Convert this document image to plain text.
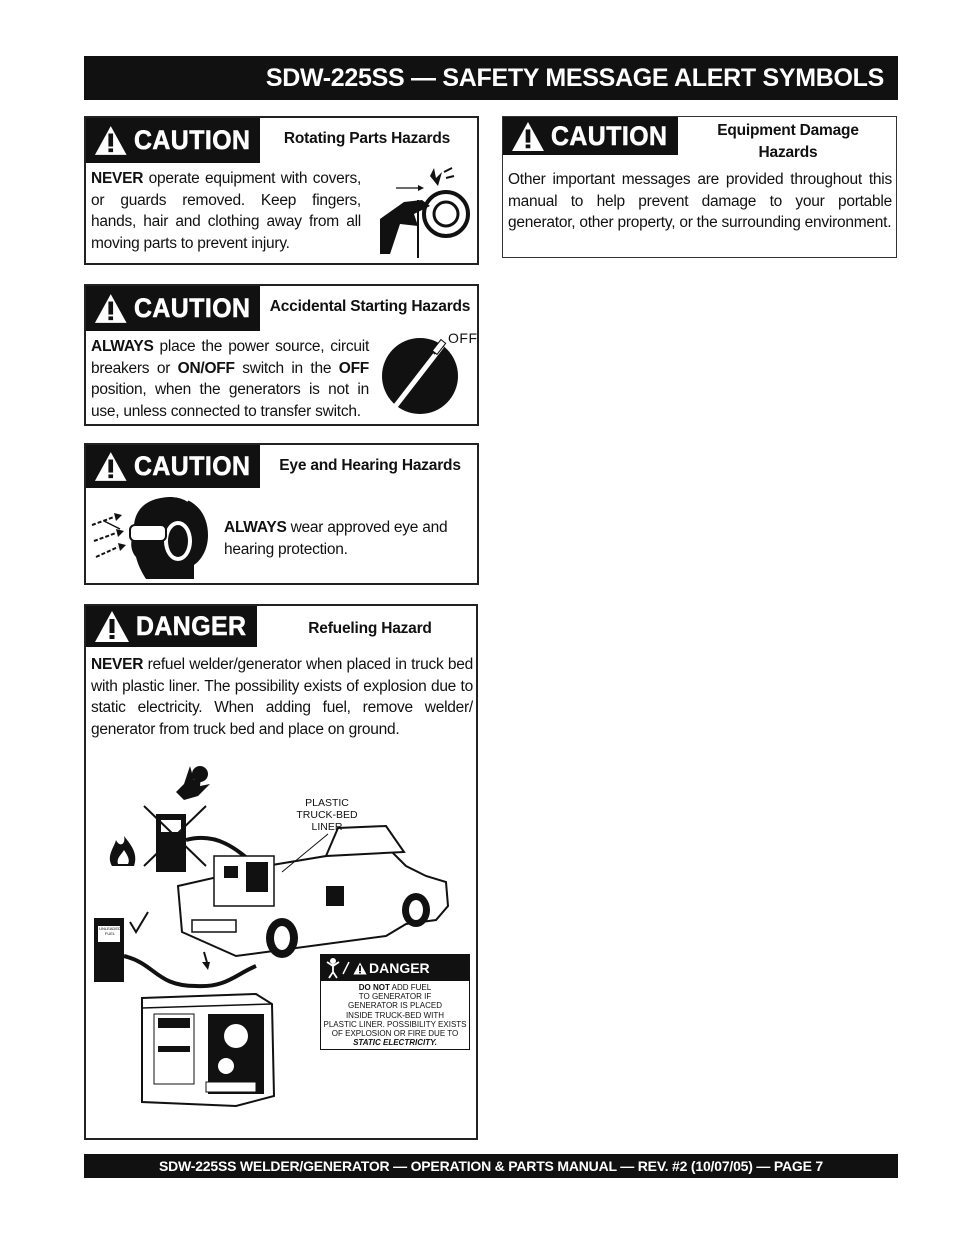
SDW-225SS — SAFETY MESSAGE ALERT SYMBOLS
CAUTION Rotating Parts Hazards
NEVER operate equipment with covers, or guards removed. Keep fingers, hands, hair and clothing away from all moving parts to prevent injury.
CAUTION Accidental Starting Hazards
ALWAYS place the power source, circuit breakers or ON/OFF switch in the OFF position, when the generators is not in use, unless connected to transfer switch.
OFF
CAUTION	Eye and Hearing Hazards
ALWAYS wear approved eye and hearing protection.
DANGER	Refueling Hazard
NEVER refuel welder/generator when placed in truck bed with plastic liner. The possibility exists of explosion due to static electricity. When adding fuel, remove welder/ generator from truck bed and place on ground.
PLASTIC
TRUCK-BED
LINER
UNLEADED
FUEL
DANGER
DO NOT ADD FUEL
TO GENERATOR IF
GENERATOR IS PLACED
INSIDE TRUCK-BED WITH
PLASTIC LINER. POSSIBILITY EXISTS
OF EXPLOSION OR FIRE DUE TO
STATIC ELECTRICITY.
CAUTION	Equipment Damage
Hazards
Other important messages are provided throughout this manual to help prevent damage to your portable generator, other property, or the surrounding environment.
SDW-225SS WELDER/GENERATOR — OPERATION & PARTS MANUAL — REV. #2 (10/07/05) — PAGE 7
